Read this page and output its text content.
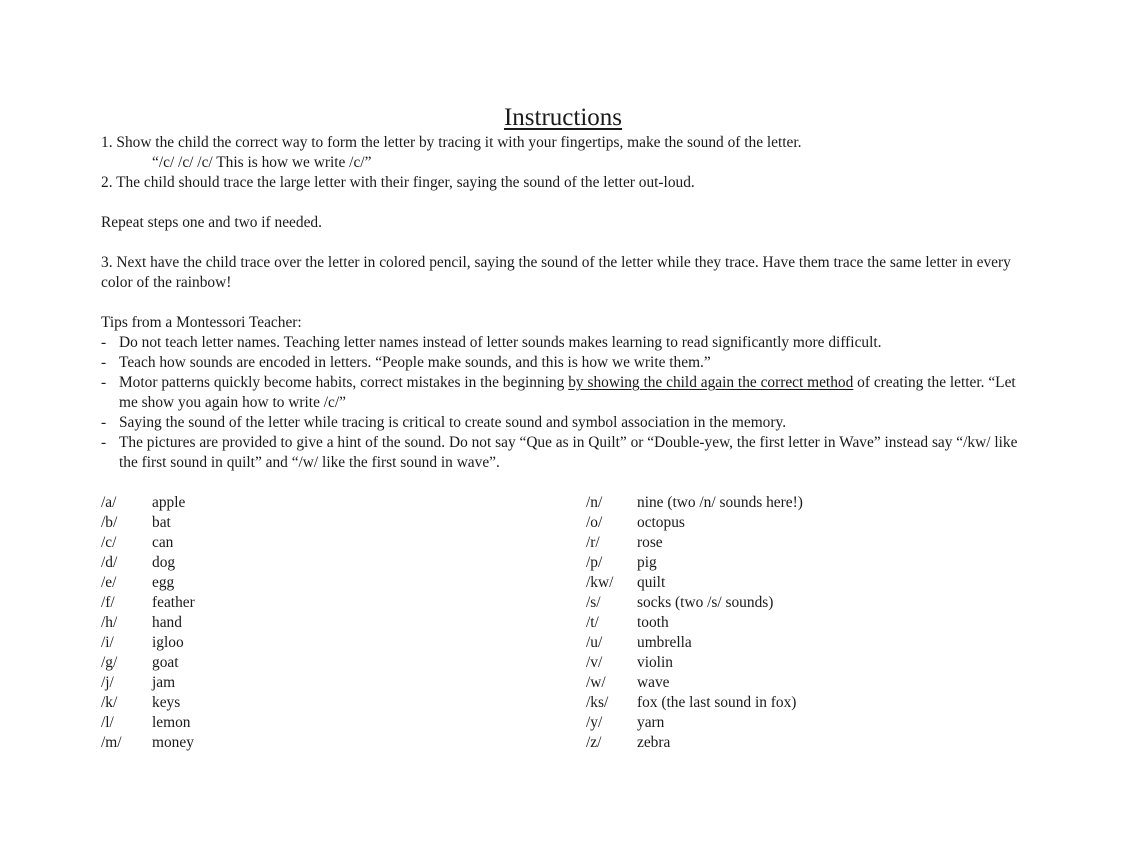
Instructions
1. Show the child the correct way to form the letter by tracing it with your fingertips, make the sound of the letter.
“/c/ /c/ /c/ This is how we write /c/”
2. The child should trace the large letter with their finger, saying the sound of the letter out-loud.
Repeat steps one and two if needed.
3. Next have the child trace over the letter in colored pencil, saying the sound of the letter while they trace. Have them trace the same letter in every color of the rainbow!
Tips from a Montessori Teacher:
- Do not teach letter names. Teaching letter names instead of letter sounds makes learning to read significantly more difficult.
- Teach how sounds are encoded in letters. “People make sounds, and this is how we write them.”
- Motor patterns quickly become habits, correct mistakes in the beginning by showing the child again the correct method of creating the letter. “Let me show you again how to write /c/”
- Saying the sound of the letter while tracing is critical to create sound and symbol association in the memory.
- The pictures are provided to give a hint of the sound. Do not say “Que as in Quilt” or “Double-yew, the first letter in Wave” instead say “/kw/ like the first sound in quilt” and “/w/ like the first sound in wave”.
/a/	apple
/b/	bat
/c/	can
/d/	dog
/e/	egg
/f/	feather
/h/	hand
/i/	igloo
/g/	goat
/j/	jam
/k/	keys
/l/	lemon
/m/	money
/n/	nine (two /n/ sounds here!)
/o/	octopus
/r/	rose
/p/	pig
/kw/	quilt
/s/	socks (two /s/ sounds)
/t/	tooth
/u/	umbrella
/v/	violin
/w/	wave
/ks/	fox (the last sound in fox)
/y/	yarn
/z/	zebra
